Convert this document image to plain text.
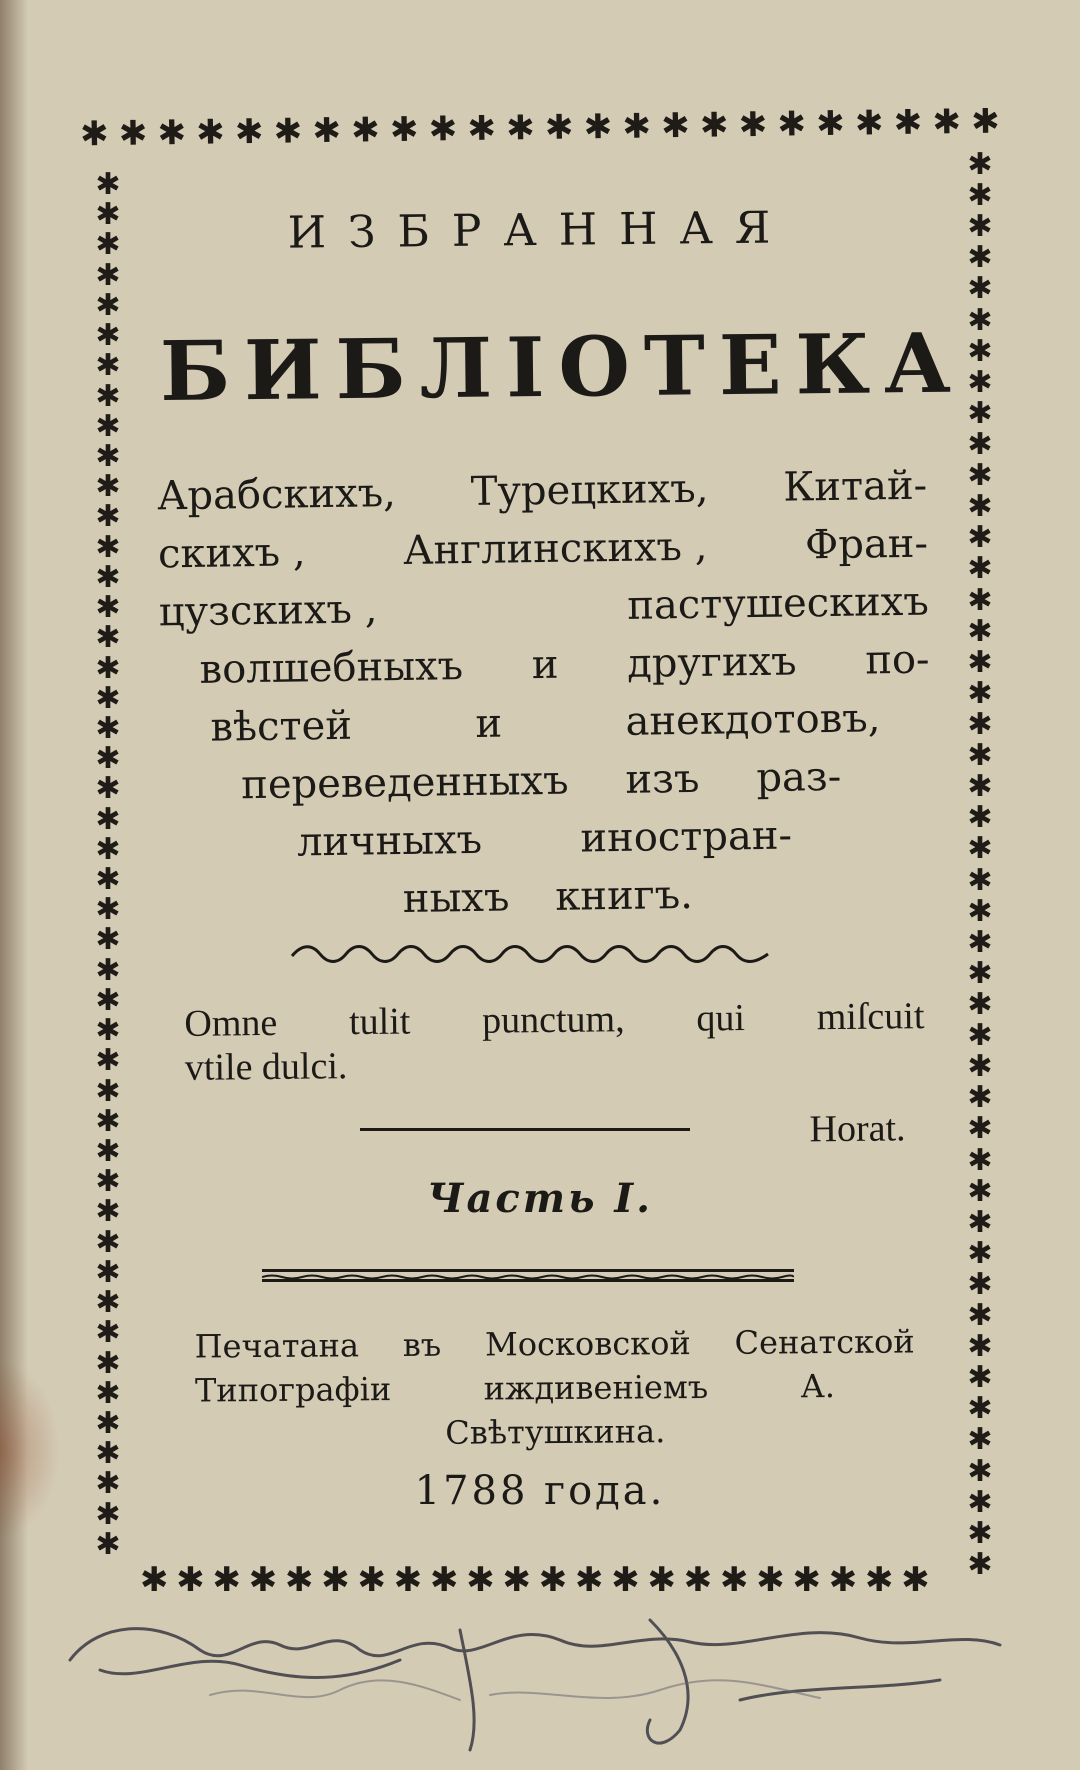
✱ ✱ ✱ ✱ ✱ ✱ ✱ ✱ ✱ ✱ ✱ ✱ ✱ ✱ ✱ ✱ ✱ ✱ ✱ ✱ ✱ ✱ ✱ ✱
✱ ✱ ✱ ✱ ✱ ✱ ✱ ✱ ✱ ✱ ✱ ✱ ✱ ✱ ✱ ✱ ✱ ✱ ✱ ✱ ✱ ✱
✱
✱
✱
✱
✱
✱
✱
✱
✱
✱
✱
✱
✱
✱
✱
✱
✱
✱
✱
✱
✱
✱
✱
✱
✱
✱
✱
✱
✱
✱
✱
✱
✱
✱
✱
✱
✱
✱
✱
✱
✱
✱
✱
✱
✱
✱
✱
✱
✱
✱
✱
✱
✱
✱
✱
✱
✱
✱
✱
✱
✱
✱
✱
✱
✱
✱
✱
✱
✱
✱
✱
✱
✱
✱
✱
✱
✱
✱
✱
✱
✱
✱
✱
✱
✱
✱
✱
✱
✱
✱
✱
✱
ИЗБРАННАЯ
БИБЛІОТЕКА
Арабскихъ, Турецкихъ, Китай-
скихъ , Англинскихъ , Фран-
цузскихъ ,	пастушескихъ
волшебныхъ и другихъ по-
вѣстей	и	анекдотовъ,
переведенныхъ изъ раз-
личныхъ иностран-
ныхъ книгъ.
Omne tulit punctum, qui miſcuit
vtile dulci.
Horat.
Часть I.
Печатана въ Московской Сенатской
Типографіи	иждивеніемъ	А.
Свѣтушкина.
1788 года.
